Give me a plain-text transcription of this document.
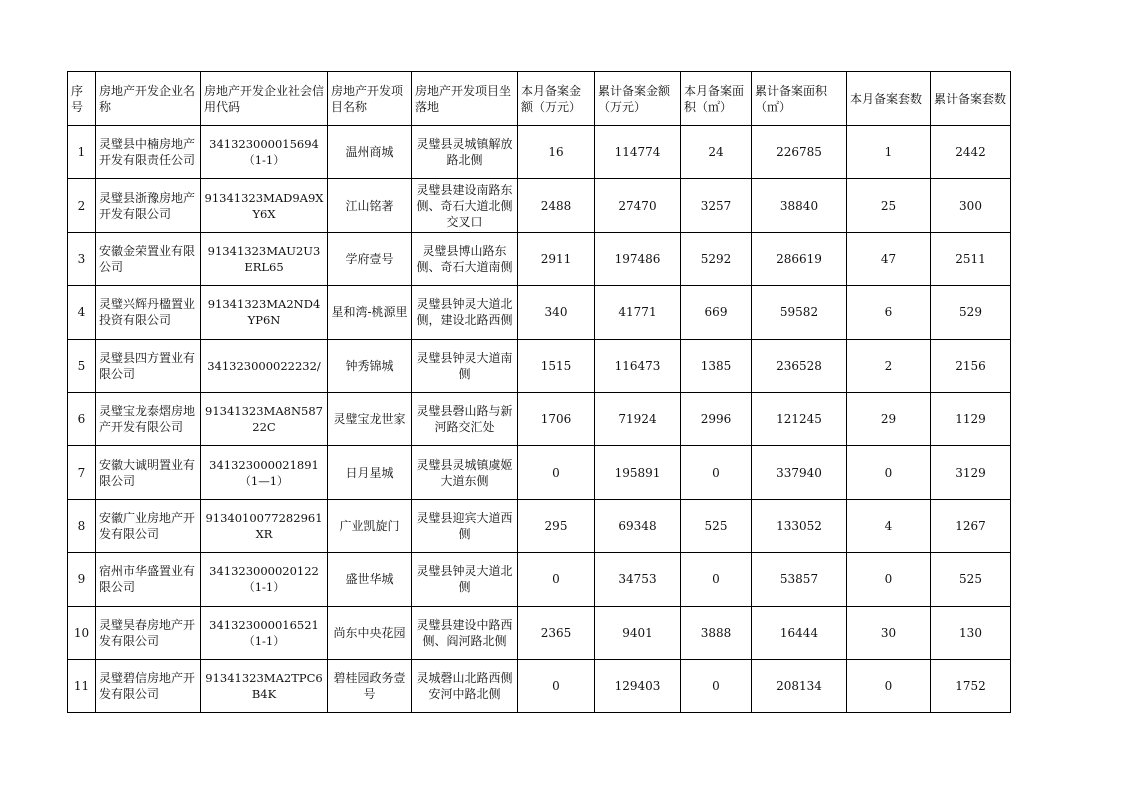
序号	房地产开发企业名称	房地产开发企业社会信用代码	房地产开发项目名称	房地产开发项目坐落地	本月备案金额（万元）	累计备案金额（万元）	本月备案面积（㎡）	累计备案面积（㎡）	本月备案套数	累计备案套数
1	灵璧县中楠房地产开发有限责任公司	341323000015694（1-1）	温州商城	灵璧县灵城镇解放路北侧	16	114774	24	226785	1	2442
2	灵璧县浙豫房地产开发有限公司	91341323MAD9A9XY6X	江山铭著	灵璧县建设南路东侧、奇石大道北侧交叉口	2488	27470	3257	38840	25	300
3	安徽金荣置业有限公司	91341323MAU2U3ERL65	学府壹号	灵璧县博山路东侧、奇石大道南侧	2911	197486	5292	286619	47	2511
4	灵璧兴辉丹楹置业投资有限公司	91341323MA2ND4YP6N	星和湾-桃源里	灵璧县钟灵大道北侧，建设北路西侧	340	41771	669	59582	6	529
5	灵璧县四方置业有限公司	341323000022232/	钟秀锦城	灵璧县钟灵大道南侧	1515	116473	1385	236528	2	2156
6	灵璧宝龙泰熠房地产开发有限公司	91341323MA8N58722C	灵璧宝龙世家	灵璧县磬山路与新河路交汇处	1706	71924	2996	121245	29	1129
7	安徽大诚明置业有限公司	341323000021891（1—1）	日月星城	灵璧县灵城镇虞姬大道东侧	0	195891	0	337940	0	3129
8	安徽广业房地产开发有限公司	9134010077282961XR	广业凯旋门	灵璧县迎宾大道西侧	295	69348	525	133052	4	1267
9	宿州市华盛置业有限公司	341323000020122（1-1）	盛世华城	灵璧县钟灵大道北侧	0	34753	0	53857	0	525
10	灵璧昊春房地产开发有限公司	341323000016521（1-1）	尚东中央花园	灵璧县建设中路西侧、阎河路北侧	2365	9401	3888	16444	30	130
11	灵璧碧信房地产开发有限公司	91341323MA2TPC6B4K	碧桂园政务壹号	灵城磬山北路西侧安河中路北侧	0	129403	0	208134	0	1752
